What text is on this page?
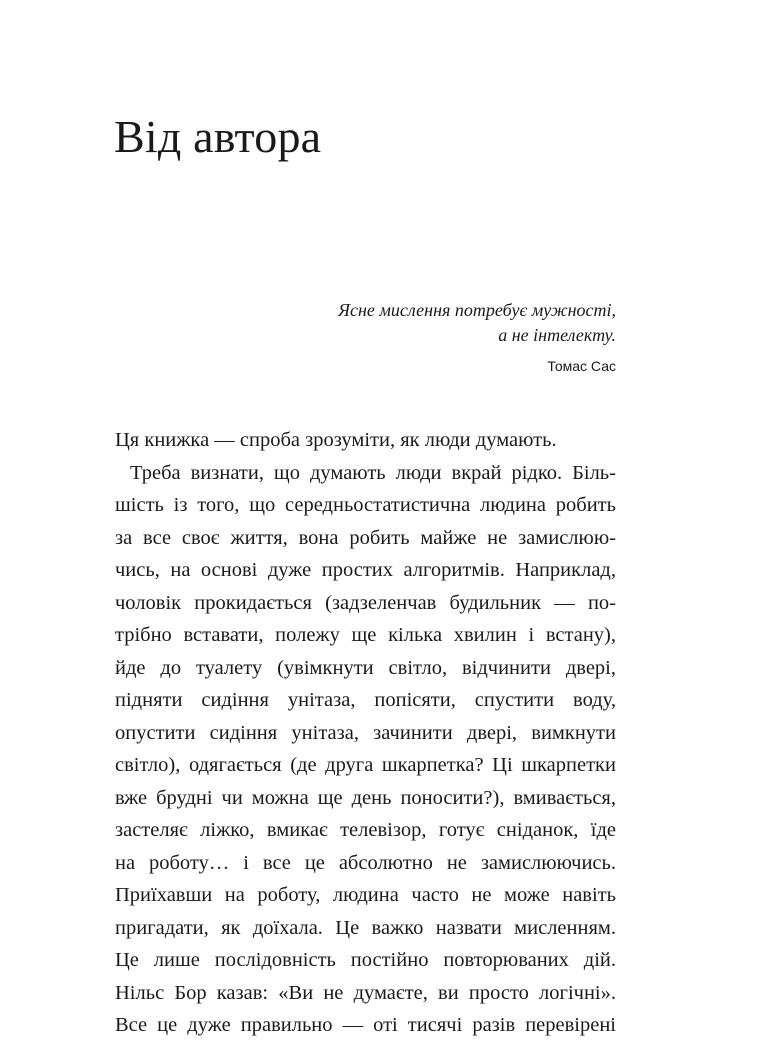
Від автора
Ясне мислення потребує мужності,
а не інтелекту.
Томас Сас
Ця книжка — спроба зрозуміти, як люди думають.
Треба визнати, що думають люди вкрай рідко. Біль-
шість із того, що середньостатистична людина робить
за все своє життя, вона робить майже не замислюю-
чись, на основі дуже простих алгоритмів. Наприклад,
чоловік прокидається (задзеленчав будильник — по-
трібно вставати, полежу ще кілька хвилин і встану),
йде до туалету (увімкнути світло, відчинити двері,
підняти сидіння унітаза, попісяти, спустити воду,
опустити сидіння унітаза, зачинити двері, вимкнути
світло), одягається (де друга шкарпетка? Ці шкарпетки
вже брудні чи можна ще день поносити?), вмивається,
застеляє ліжко, вмикає телевізор, готує сніданок, їде
на роботу… і все це абсолютно не замислюючись.
Приїхавши на роботу, людина часто не може навіть
пригадати, як доїхала. Це важко назвати мисленням.
Це лише послідовність постійно повторюваних дій.
Нільс Бор казав: «Ви не думаєте, ви просто логічні».
Все це дуже правильно — оті тисячі разів перевірені
